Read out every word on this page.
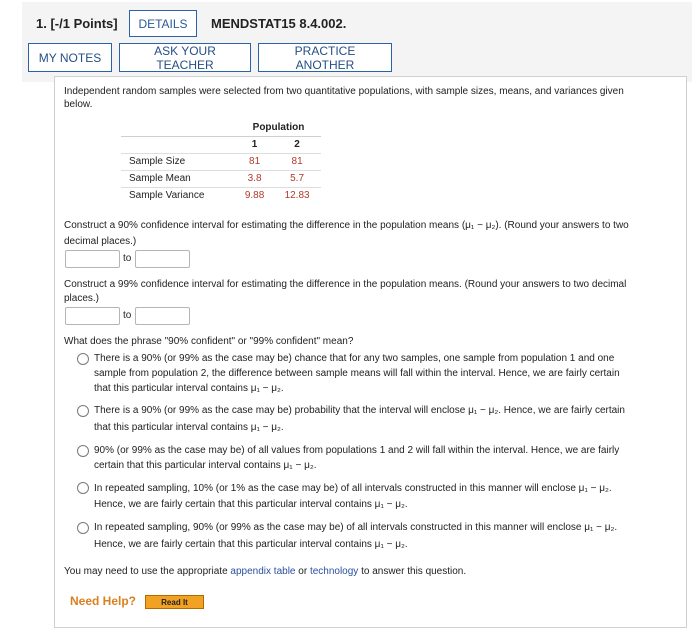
1. [-/1 Points]	DETAILS	MENDSTAT15 8.4.002.
MY NOTES	ASK YOUR TEACHER
PRACTICE ANOTHER
Independent random samples were selected from two quantitative populations, with sample sizes, means, and variances given
below.
	Population	
	1	2
Sample Size	81	81
Sample Mean	3.8	5.7
Sample Variance	9.88	12.83
Construct a 90% confidence interval for estimating the difference in the population means (μ₁ − μ₂). (Round your answers to two
decimal places.)
to
Construct a 99% confidence interval for estimating the difference in the population means. (Round your answers to two decimal
places.)
to
What does the phrase "90% confident" or "99% confident" mean?
There is a 90% (or 99% as the case may be) chance that for any two samples, one sample from population 1 and one
sample from population 2, the difference between sample means will fall within the interval. Hence, we are fairly certain
that this particular interval contains μ₁ − μ₂.
There is a 90% (or 99% as the case may be) probability that the interval will enclose μ₁ − μ₂. Hence, we are fairly certain
that this particular interval contains μ₁ − μ₂.
90% (or 99% as the case may be) of all values from populations 1 and 2 will fall within the interval. Hence, we are fairly
certain that this particular interval contains μ₁ − μ₂.
In repeated sampling, 10% (or 1% as the case may be) of all intervals constructed in this manner will enclose μ₁ − μ₂.
Hence, we are fairly certain that this particular interval contains μ₁ − μ₂.
In repeated sampling, 90% (or 99% as the case may be) of all intervals constructed in this manner will enclose μ₁ − μ₂.
Hence, we are fairly certain that this particular interval contains μ₁ − μ₂.
You may need to use the appropriate appendix table or technology to answer this question.
Need Help?	Read It
